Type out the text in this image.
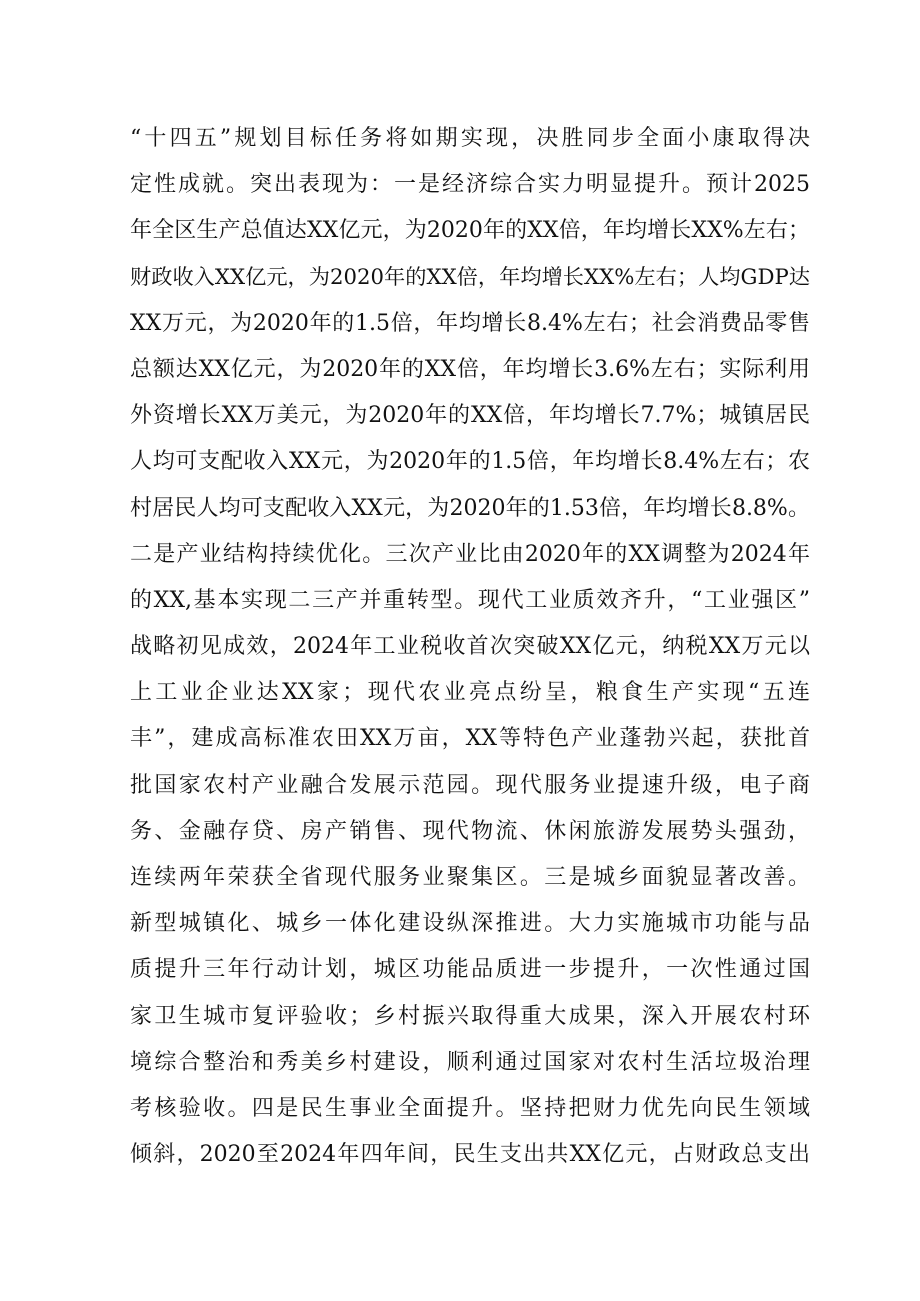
“十四五”规划目标任务将如期实现，决胜同步全面小康取得决
定性成就。突出表现为：一是经济综合实力明显提升。预计2025
年全区生产总值达XX亿元，为2020年的XX倍，年均增长XX%左右；
财政收入XX亿元，为2020年的XX倍，年均增长XX%左右；人均GDP达
XX万元，为2020年的1.5倍，年均增长8.4%左右；社会消费品零售
总额达XX亿元，为2020年的XX倍，年均增长3.6%左右；实际利用
外资增长XX万美元，为2020年的XX倍，年均增长7.7%；城镇居民
人均可支配收入XX元，为2020年的1.5倍，年均增长8.4%左右；农
村居民人均可支配收入XX元，为2020年的1.53倍，年均增长8.8%。
二是产业结构持续优化。三次产业比由2020年的XX调整为2024年
的XX,基本实现二三产并重转型。现代工业质效齐升，“工业强区”
战略初见成效，2024年工业税收首次突破XX亿元，纳税XX万元以
上工业企业达XX家；现代农业亮点纷呈，粮食生产实现“五连
丰”，建成高标准农田XX万亩，XX等特色产业蓬勃兴起，获批首
批国家农村产业融合发展示范园。现代服务业提速升级，电子商
务、金融存贷、房产销售、现代物流、休闲旅游发展势头强劲，
连续两年荣获全省现代服务业聚集区。三是城乡面貌显著改善。
新型城镇化、城乡一体化建设纵深推进。大力实施城市功能与品
质提升三年行动计划，城区功能品质进一步提升，一次性通过国
家卫生城市复评验收；乡村振兴取得重大成果，深入开展农村环
境综合整治和秀美乡村建设，顺利通过国家对农村生活垃圾治理
考核验收。四是民生事业全面提升。坚持把财力优先向民生领域
倾斜，2020至2024年四年间，民生支出共XX亿元，占财政总支出
